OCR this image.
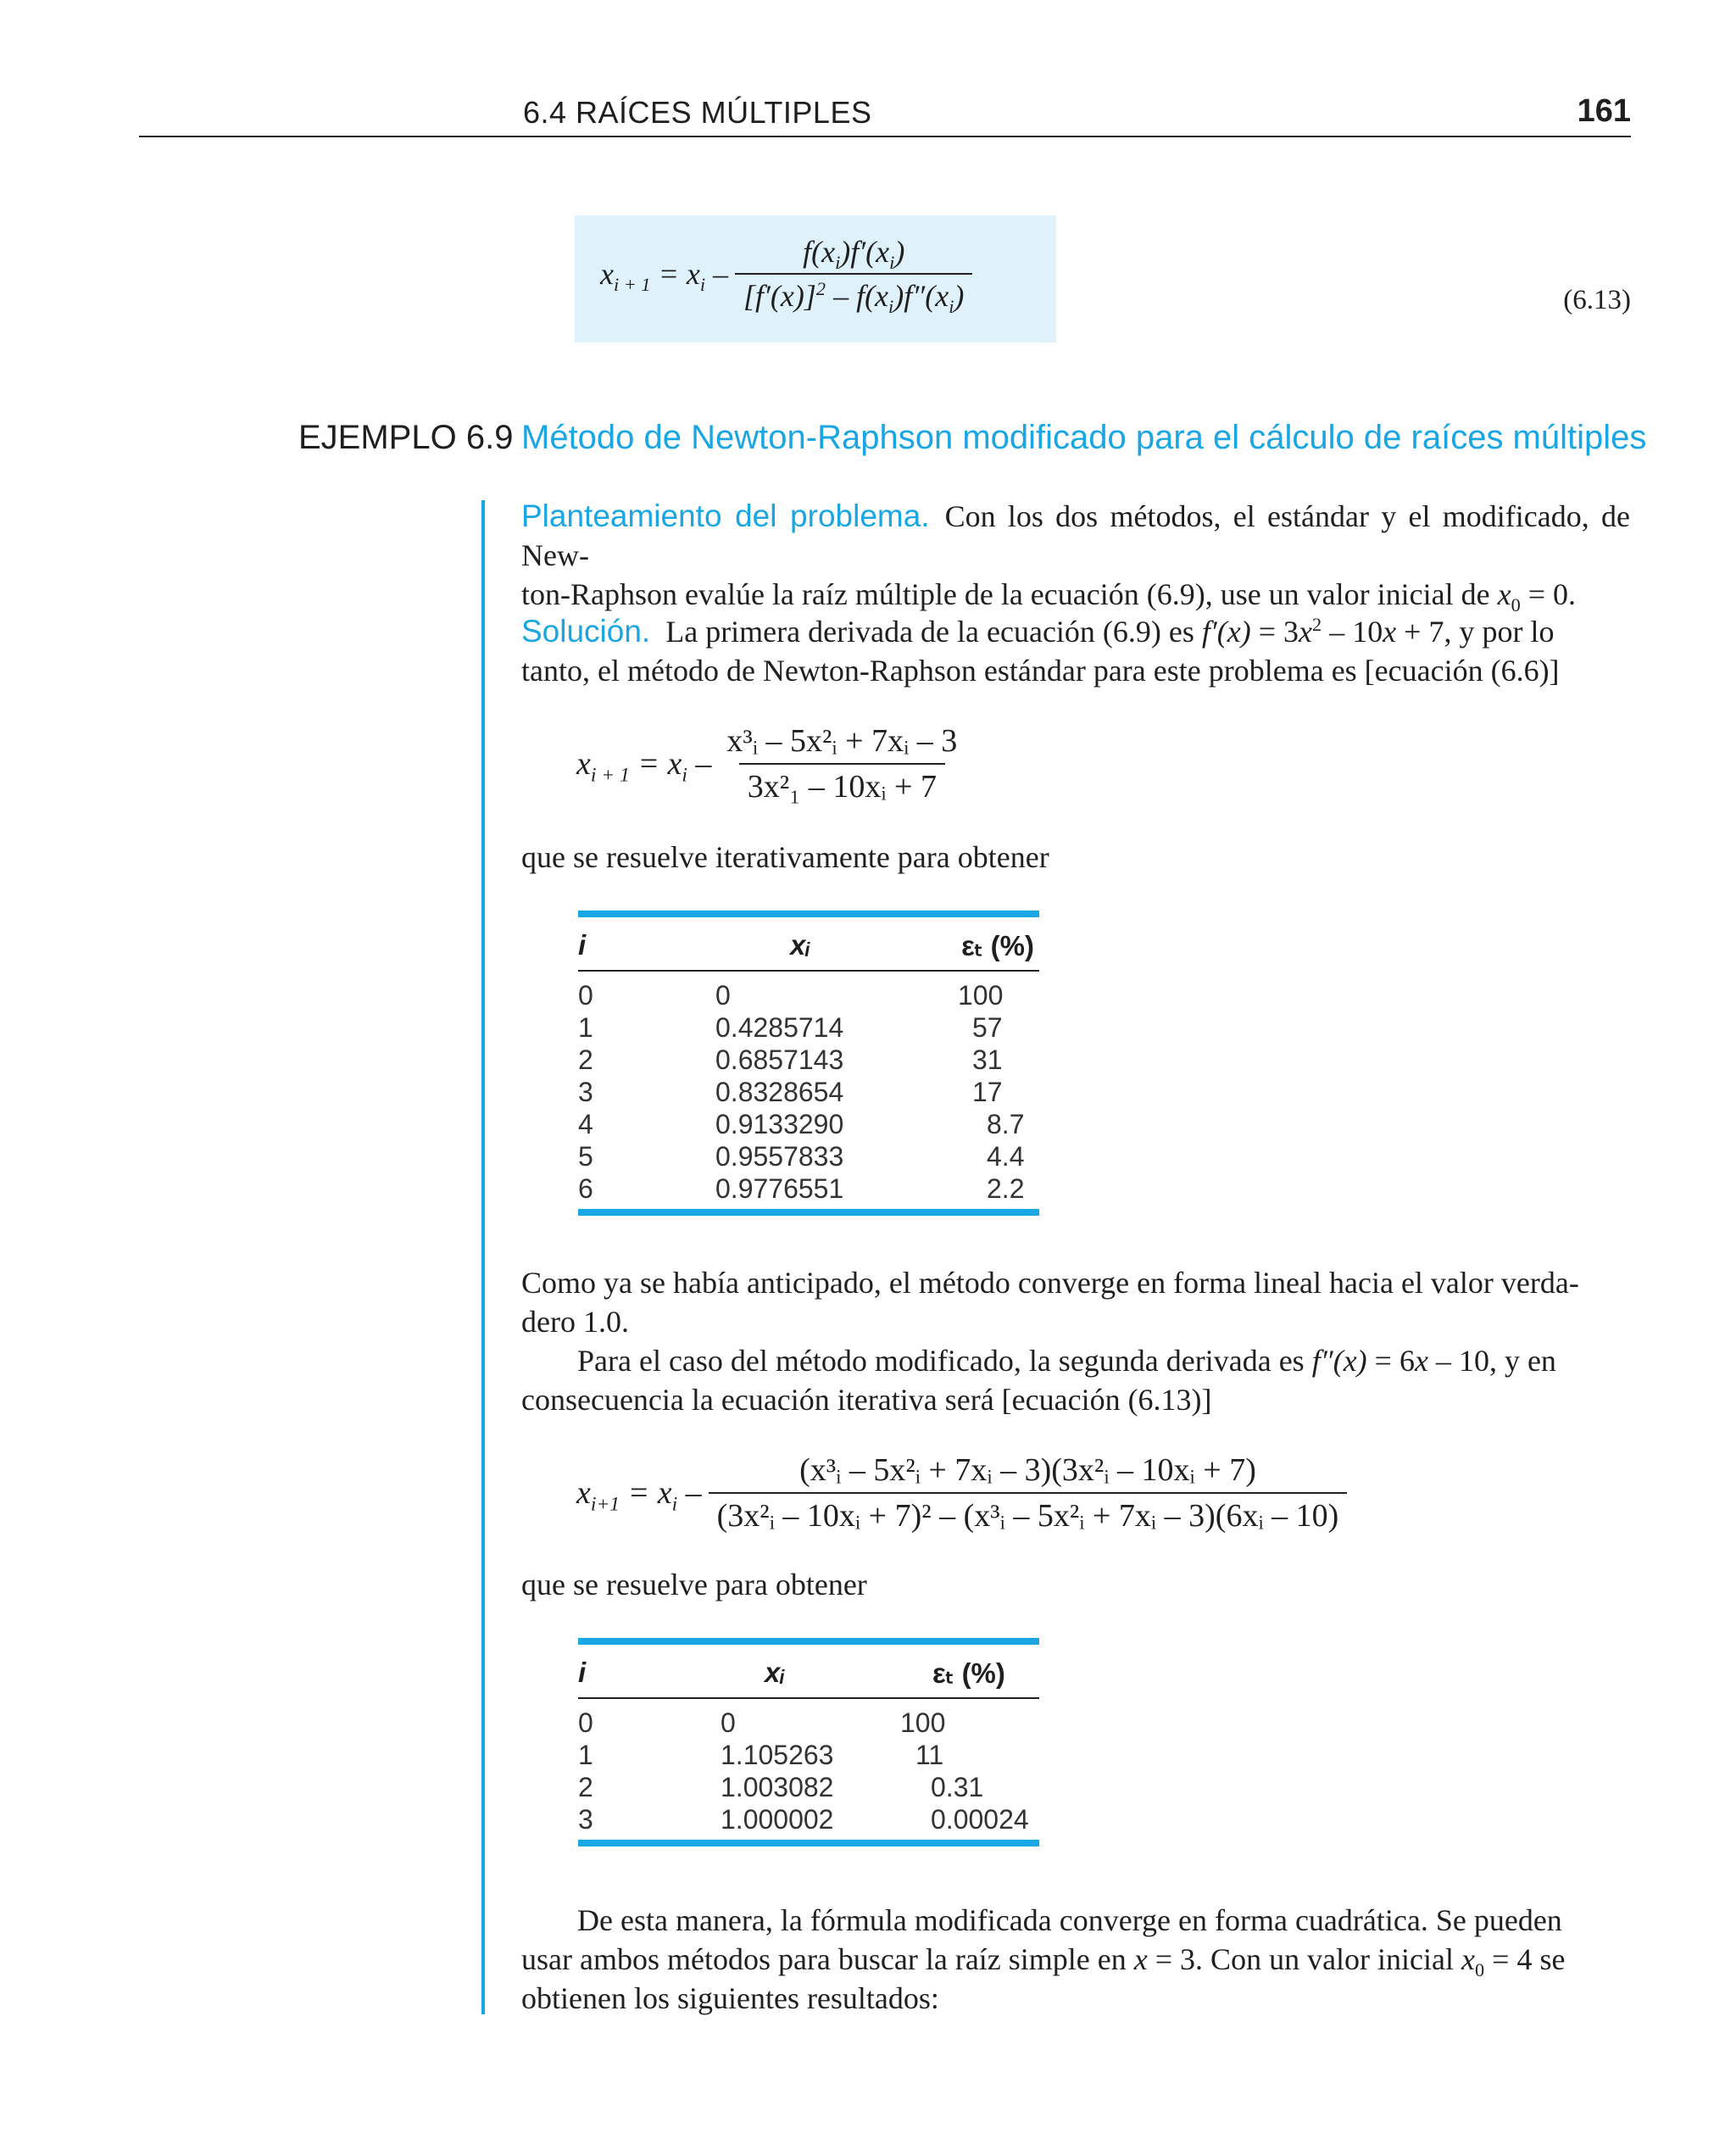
6.4 RAÍCES MÚLTIPLES	161
$x_{i + 1} = x_i - \frac{f(x_i)f'(x_i)}{[f'(x)]^2 - f(x_i)f''(x_i)}$	(6.13)
EJEMPLO 6.9 Método de Newton-Raphson modificado para el cálculo de raíces múltiples
Planteamiento del problema. Con los dos métodos, el estándar y el modificado, de New-
ton-Raphson evalúe la raíz múltiple de la ecuación (6.9), use un valor inicial de $x_0 = 0$.
Solución. La primera derivada de la ecuación (6.9) es $f'(x) = 3x^2 - 10x + 7$, y por lo
tanto, el método de Newton-Raphson estándar para este problema es [ecuación (6.6)]
$x_{i + 1} = x_i - \frac{\text{x³ᵢ – 5x²ᵢ + 7xᵢ – 3}}{\text{3x²₁ – 10xᵢ + 7}}$
que se resuelve iterativamente para obtener
i	xᵢ	εₜ (%)
0	0	100
1	0.4285714	57
2	0.6857143	31
3	0.8328654	17
4	0.9133290	8.7
5	0.9557833	4.4
6	0.9776551	2.2
Como ya se había anticipado, el método converge en forma lineal hacia el valor verda-
dero 1.0.
Para el caso del método modificado, la segunda derivada es f″(x) = 6x – 10, y en
consecuencia la ecuación iterativa será [ecuación (6.13)]
$x_{i+1} = x_i - \frac{\text{(x³ᵢ – 5x²ᵢ + 7xᵢ – 3)(3x²ᵢ – 10xᵢ + 7)}}{\text{(3x²ᵢ – 10xᵢ + 7)² – (x³ᵢ – 5x²ᵢ + 7xᵢ – 3)(6xᵢ – 10)}}$
que se resuelve para obtener
i	xᵢ	εₜ (%)
0	0	100
1	1.105263	11
2	1.003082	0.31
3	1.000002	0.00024
De esta manera, la fórmula modificada converge en forma cuadrática. Se pueden
usar ambos métodos para buscar la raíz simple en x = 3. Con un valor inicial $x_0 = 4$ se
obtienen los siguientes resultados:
